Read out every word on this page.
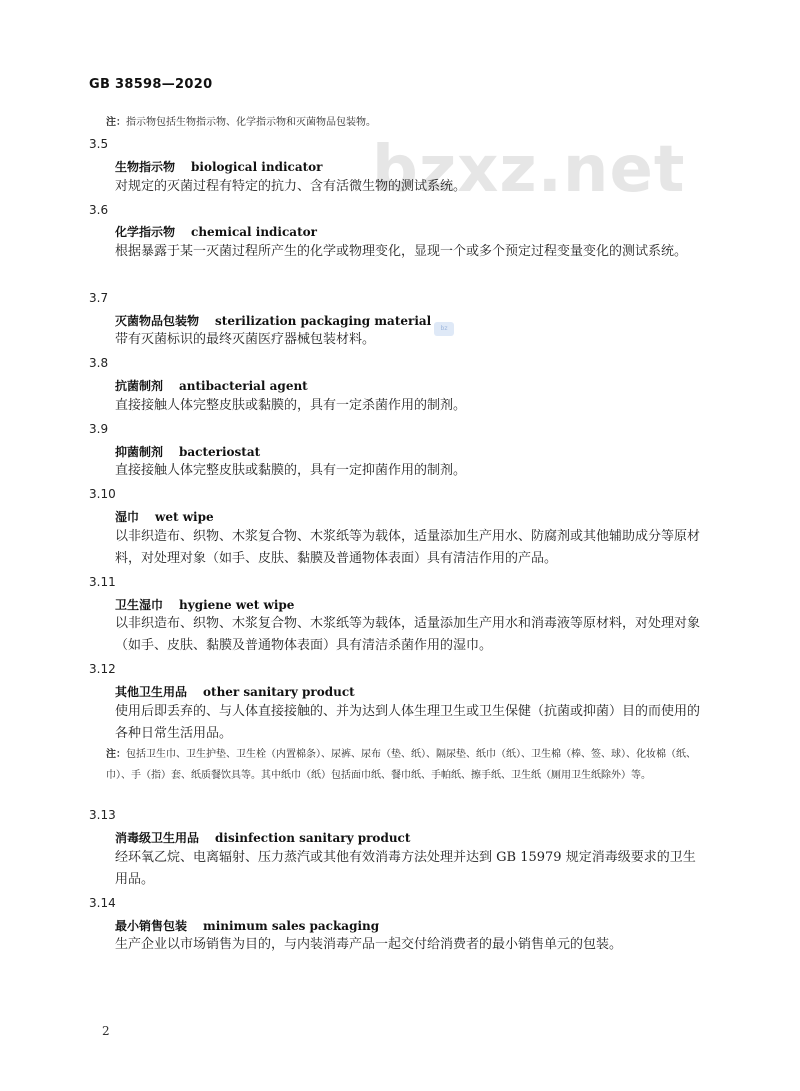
GB 38598—2020
bzxz.net
bz
注：指示物包括生物指示物、化学指示物和灭菌物品包装物。
3.5
生物指示物 biological indicator
对规定的灭菌过程有特定的抗力、含有活微生物的测试系统。
3.6
化学指示物 chemical indicator
根据暴露于某一灭菌过程所产生的化学或物理变化，显现一个或多个预定过程变量变化的测试系统。
3.7
灭菌物品包装物 sterilization packaging material
带有灭菌标识的最终灭菌医疗器械包装材料。
3.8
抗菌制剂 antibacterial agent
直接接触人体完整皮肤或黏膜的，具有一定杀菌作用的制剂。
3.9
抑菌制剂 bacteriostat
直接接触人体完整皮肤或黏膜的，具有一定抑菌作用的制剂。
3.10
湿巾 wet wipe
以非织造布、织物、木浆复合物、木浆纸等为载体，适量添加生产用水、防腐剂或其他辅助成分等原材料，对处理对象（如手、皮肤、黏膜及普通物体表面）具有清洁作用的产品。
3.11
卫生湿巾 hygiene wet wipe
以非织造布、织物、木浆复合物、木浆纸等为载体，适量添加生产用水和消毒液等原材料，对处理对象（如手、皮肤、黏膜及普通物体表面）具有清洁杀菌作用的湿巾。
3.12
其他卫生用品 other sanitary product
使用后即丢弃的、与人体直接接触的、并为达到人体生理卫生或卫生保健（抗菌或抑菌）目的而使用的各种日常生活用品。
注：包括卫生巾、卫生护垫、卫生栓（内置棉条）、尿裤、尿布（垫、纸）、隔尿垫、纸巾（纸）、卫生棉（棒、签、球）、化妆棉（纸、巾）、手（指）套、纸质餐饮具等。其中纸巾（纸）包括面巾纸、餐巾纸、手帕纸、擦手纸、卫生纸（厕用卫生纸除外）等。
3.13
消毒级卫生用品 disinfection sanitary product
经环氧乙烷、电离辐射、压力蒸汽或其他有效消毒方法处理并达到 GB 15979 规定消毒级要求的卫生用品。
3.14
最小销售包装 minimum sales packaging
生产企业以市场销售为目的，与内装消毒产品一起交付给消费者的最小销售单元的包装。
2
